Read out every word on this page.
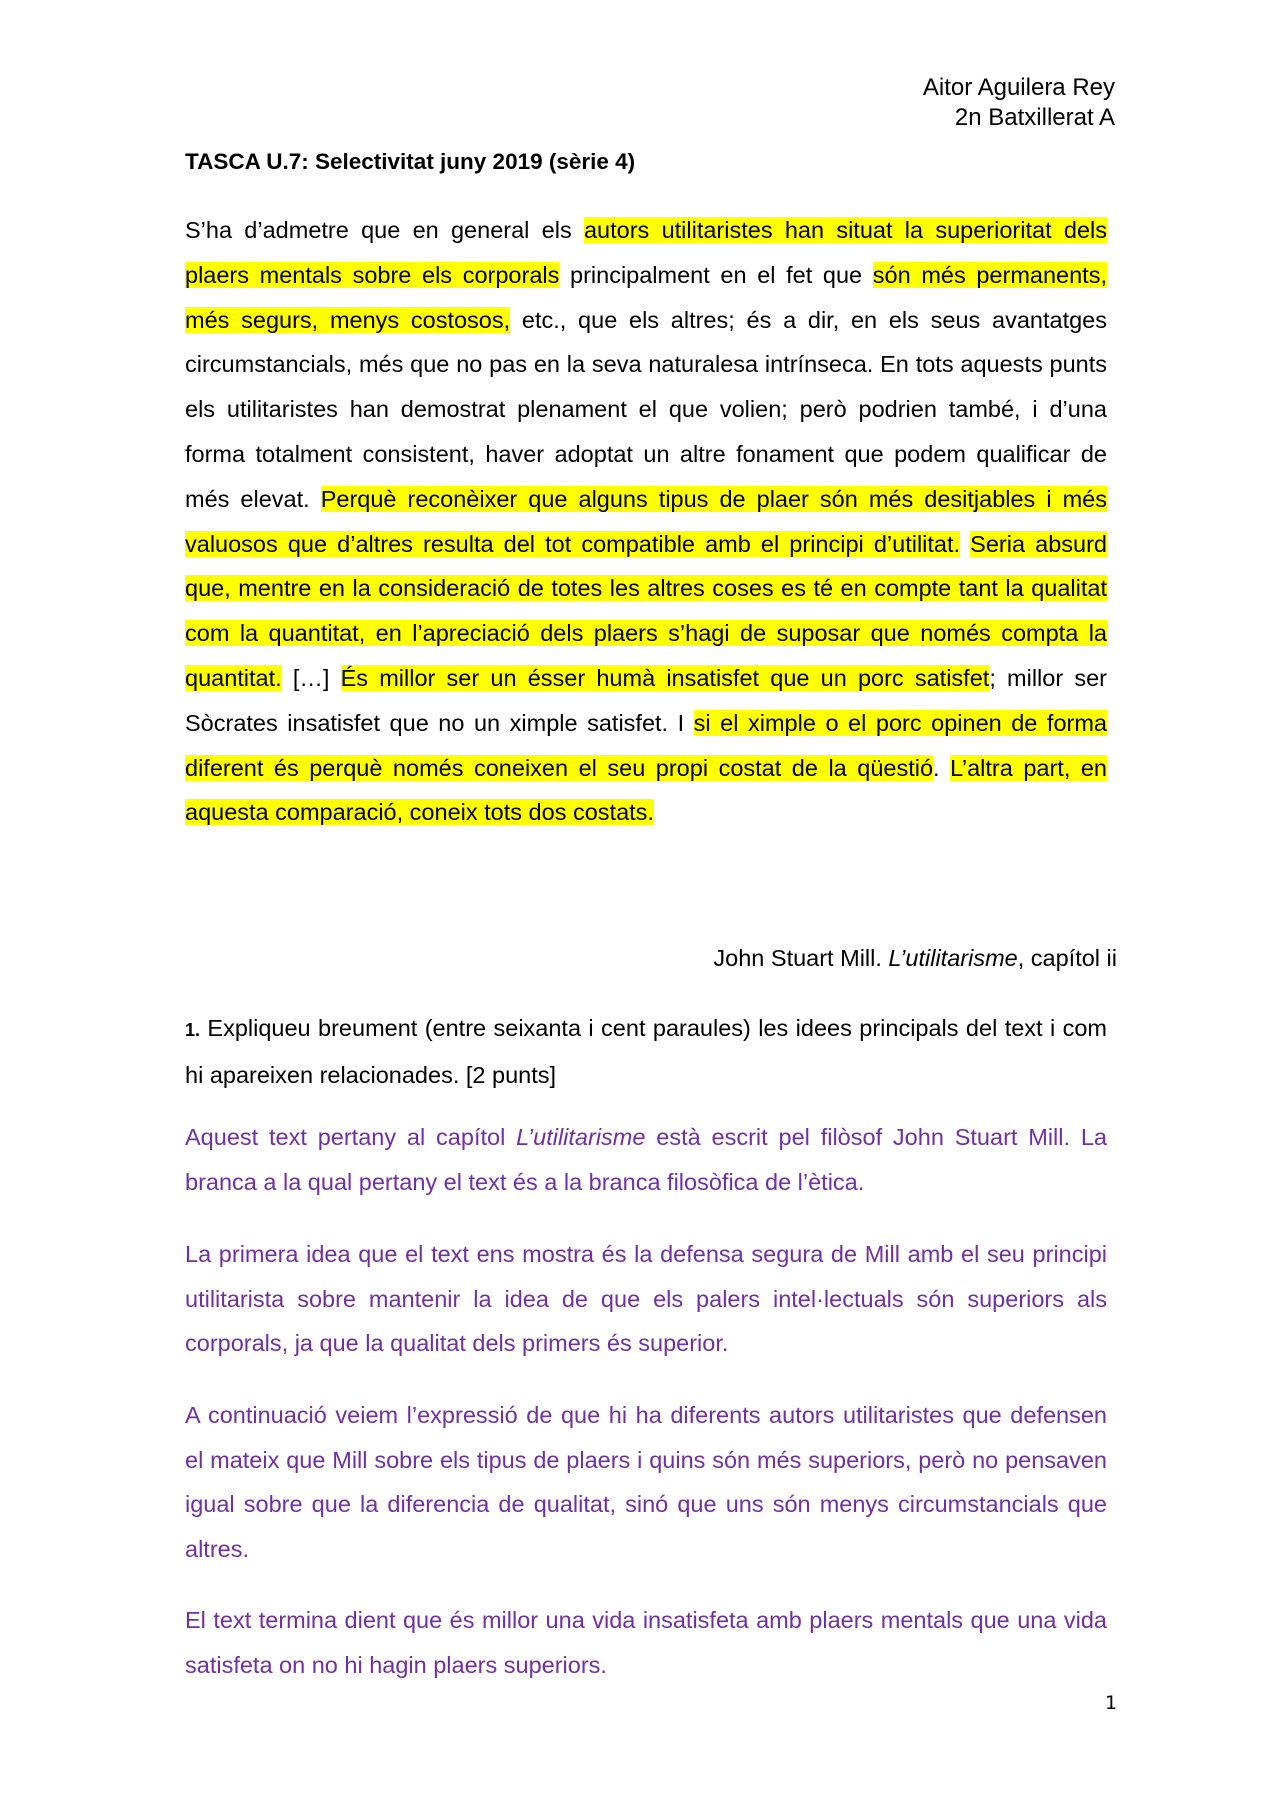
Aitor Aguilera Rey
2n Batxillerat A
TASCA U.7: Selectivitat juny 2019 (sèrie 4)
S’ha d’admetre que en general els autors utilitaristes han situat la superioritat dels plaers mentals sobre els corporals principalment en el fet que són més permanents, més segurs, menys costosos, etc., que els altres; és a dir, en els seus avantatges circumstancials, més que no pas en la seva naturalesa intrínseca. En tots aquests punts els utilitaristes han demostrat plenament el que volien; però podrien també, i d’una forma totalment consistent, haver adoptat un altre fonament que podem qualificar de més elevat. Perquè reconèixer que alguns tipus de plaer són més desitjables i més valuosos que d’altres resulta del tot compatible amb el principi d’utilitat. Seria absurd que, mentre en la consideració de totes les altres coses es té en compte tant la qualitat com la quantitat, en l’apreciació dels plaers s’hagi de suposar que només compta la quantitat. […] És millor ser un ésser humà insatisfet que un porc satisfet; millor ser Sòcrates insatisfet que no un ximple satisfet. I si el ximple o el porc opinen de forma diferent és perquè només coneixen el seu propi costat de la qüestió. L’altra part, en aquesta comparació, coneix tots dos costats.
John Stuart Mill. L’utilitarisme, capítol ii
1. Expliqueu breument (entre seixanta i cent paraules) les idees principals del text i com hi apareixen relacionades. [2 punts]

Aquest text pertany al capítol L’utilitarisme està escrit pel filòsof John Stuart Mill. La branca a la qual pertany el text és a la branca filosòfica de l’ètica.

La primera idea que el text ens mostra és la defensa segura de Mill amb el seu principi utilitarista sobre mantenir la idea de que els palers intel·lectuals són superiors als corporals, ja que la qualitat dels primers és superior.

A continuació veiem l’expressió de que hi ha diferents autors utilitaristes que defensen el mateix que Mill sobre els tipus de plaers i quins són més superiors, però no pensaven igual sobre que la diferencia de qualitat, sinó que uns són menys circumstancials que altres.

El text termina dient que és millor una vida insatisfeta amb plaers mentals que una vida satisfeta on no hi hagin plaers superiors.

1
